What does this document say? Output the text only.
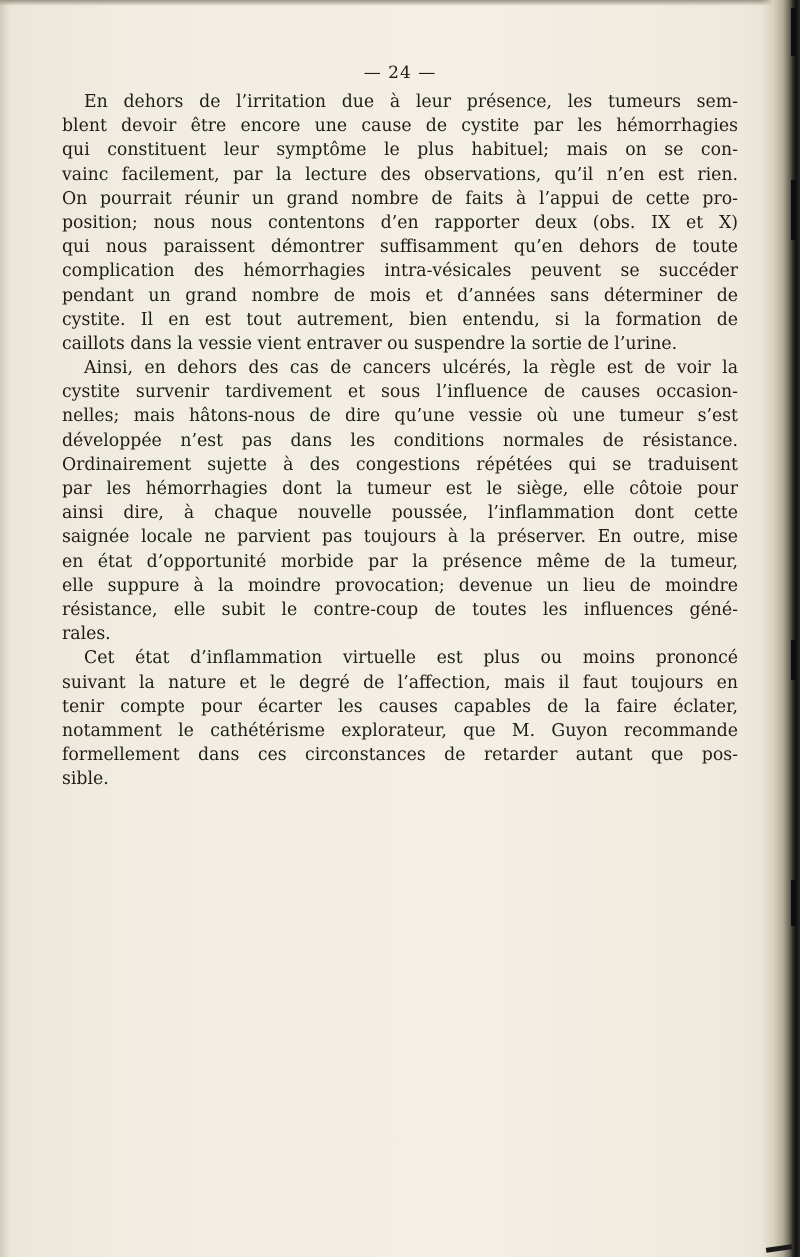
— 24 —
En dehors de l’irritation due à leur présence, les tumeurs sem-
blent devoir être encore une cause de cystite par les hémorrhagies
qui constituent leur symptôme le plus habituel; mais on se con-
vainc facilement, par la lecture des observations, qu’il n’en est rien.
On pourrait réunir un grand nombre de faits à l’appui de cette pro-
position; nous nous contentons d’en rapporter deux (obs. IX et X)
qui nous paraissent démontrer suffisamment qu’en dehors de toute
complication des hémorrhagies intra-vésicales peuvent se succéder
pendant un grand nombre de mois et d’années sans déterminer de
cystite. Il en est tout autrement, bien entendu, si la formation de
caillots dans la vessie vient entraver ou suspendre la sortie de l’urine.
Ainsi, en dehors des cas de cancers ulcérés, la règle est de voir la
cystite survenir tardivement et sous l’influence de causes occasion-
nelles; mais hâtons-nous de dire qu’une vessie où une tumeur s’est
développée n’est pas dans les conditions normales de résistance.
Ordinairement sujette à des congestions répétées qui se traduisent
par les hémorrhagies dont la tumeur est le siège, elle côtoie pour
ainsi dire, à chaque nouvelle poussée, l’inflammation dont cette
saignée locale ne parvient pas toujours à la préserver. En outre, mise
en état d’opportunité morbide par la présence même de la tumeur,
elle suppure à la moindre provocation; devenue un lieu de moindre
résistance, elle subit le contre-coup de toutes les influences géné-
rales.
Cet état d’inflammation virtuelle est plus ou moins prononcé
suivant la nature et le degré de l’affection, mais il faut toujours en
tenir compte pour écarter les causes capables de la faire éclater,
notamment le cathétérisme explorateur, que M. Guyon recommande
formellement dans ces circonstances de retarder autant que pos-
sible.
